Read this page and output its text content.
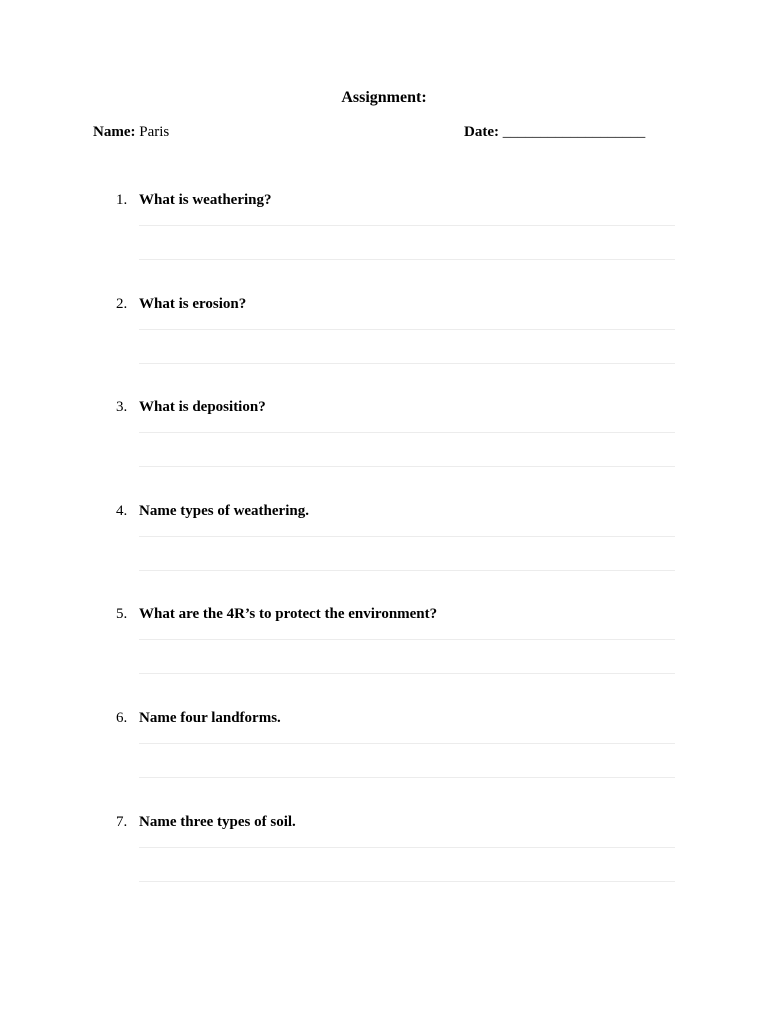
Assignment:
Name: Paris	Date: ___________________
1. What is weathering?
2. What is erosion?
3. What is deposition?
4. Name types of weathering.
5. What are the 4R’s to protect the environment?
6. Name four landforms.
7. Name three types of soil.
